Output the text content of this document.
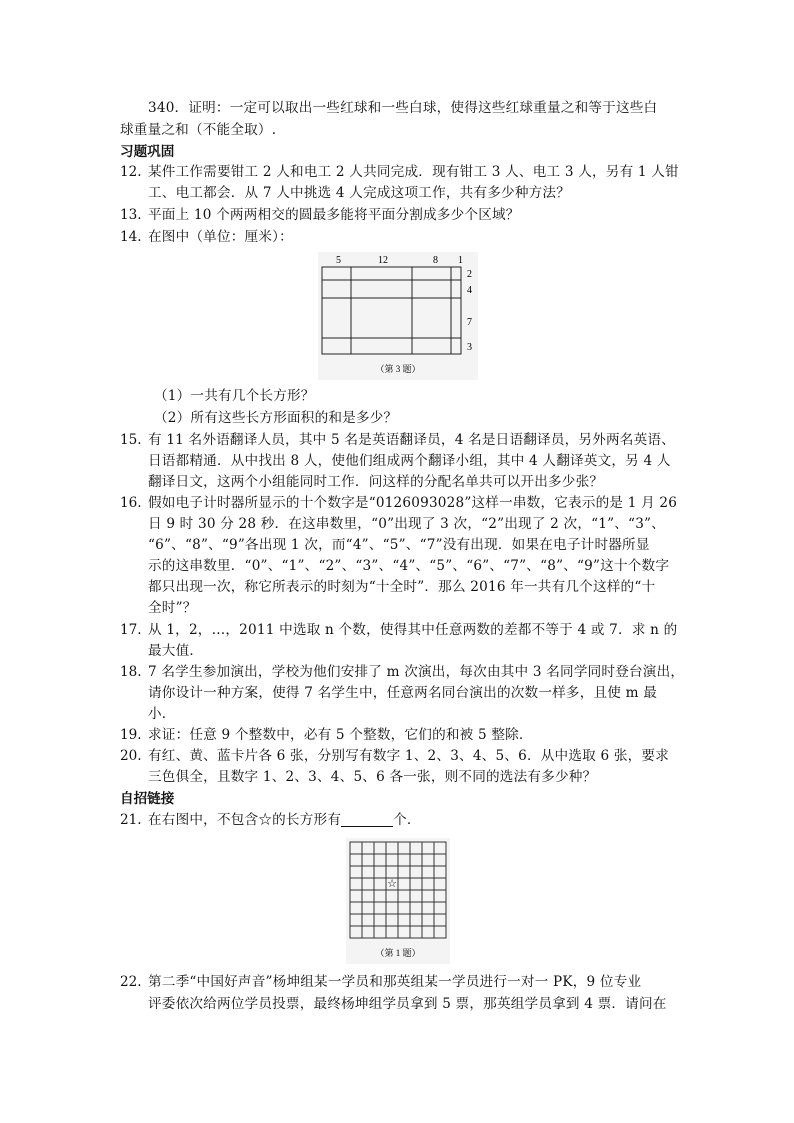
340．证明：一定可以取出一些红球和一些白球，使得这些红球重量之和等于这些白
球重量之和（不能全取）.
习题巩固
12. 某件工作需要钳工 2 人和电工 2 人共同完成．现有钳工 3 人、电工 3 人，另有 1 人钳
工、电工都会．从 7 人中挑选 4 人完成这项工作，共有多少种方法？
13. 平面上 10 个两两相交的圆最多能将平面分割成多少个区域？
14. 在图中（单位：厘米）：
5	12	8 1
2
4
7
3
（第 3 题）
（1）一共有几个长方形？
（2）所有这些长方形面积的和是多少？
15. 有 11 名外语翻译人员，其中 5 名是英语翻译员，4 名是日语翻译员，另外两名英语、
日语都精通．从中找出 8 人，使他们组成两个翻译小组，其中 4 人翻译英文，另 4 人
翻译日文，这两个小组能同时工作．问这样的分配名单共可以开出多少张？
16. 假如电子计时器所显示的十个数字是“0126093028”这样一串数，它表示的是 1 月 26
日 9 时 30 分 28 秒．在这串数里，“0”出现了 3 次，“2”出现了 2 次，“1”、“3”、
“6”、“8”、“9”各出现 1 次，而“4”、“5”、“7”没有出现．如果在电子计时器所显
示的这串数里．“0”、“1”、“2”、“3”、“4”、“5”、“6”、“7”、“8”、“9”这十个数字
都只出现一次，称它所表示的时刻为“十全时”．那么 2016 年一共有几个这样的“十
全时”？
17. 从 1，2，…，2011 中选取 n 个数，使得其中任意两数的差都不等于 4 或 7．求 n 的
最大值．
18. 7 名学生参加演出，学校为他们安排了 m 次演出，每次由其中 3 名同学同时登台演出，
请你设计一种方案，使得 7 名学生中，任意两名同台演出的次数一样多，且使 m 最
小．
19. 求证：任意 9 个整数中，必有 5 个整数，它们的和被 5 整除．
20. 有红、黄、蓝卡片各 6 张，分别写有数字 1、2、3、4、5、6．从中选取 6 张，要求
三色俱全，且数字 1、2、3、4、5、6 各一张，则不同的选法有多少种？
自招链接
21. 在右图中，不包含☆的长方形有	个．
☆
（第 1 题）
22. 第二季“中国好声音”杨坤组某一学员和那英组某一学员进行一对一 PK，9 位专业
评委依次给两位学员投票，最终杨坤组学员拿到 5 票，那英组学员拿到 4 票．请问在
